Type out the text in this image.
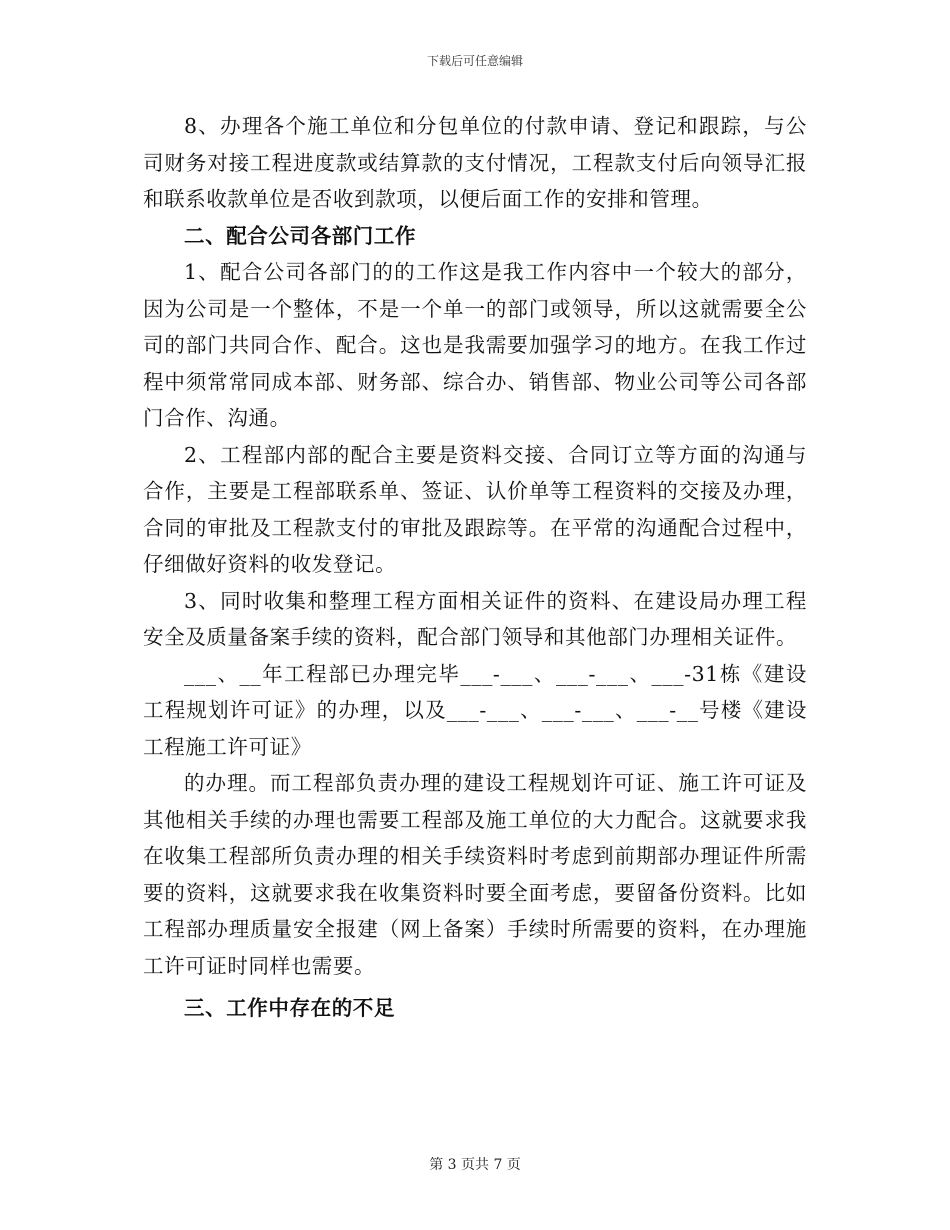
下载后可任意编辑

8、办理各个施工单位和分包单位的付款申请、登记和跟踪，与公司财务对接工程进度款或结算款的支付情况，工程款支付后向领导汇报和联系收款单位是否收到款项，以便后面工作的安排和管理。

二、配合公司各部门工作

1、配合公司各部门的的工作这是我工作内容中一个较大的部分，因为公司是一个整体，不是一个单一的部门或领导，所以这就需要全公司的部门共同合作、配合。这也是我需要加强学习的地方。在我工作过程中须常常同成本部、财务部、综合办、销售部、物业公司等公司各部门合作、沟通。

2、工程部内部的配合主要是资料交接、合同订立等方面的沟通与合作，主要是工程部联系单、签证、认价单等工程资料的交接及办理，合同的审批及工程款支付的审批及跟踪等。在平常的沟通配合过程中，仔细做好资料的收发登记。

3、同时收集和整理工程方面相关证件的资料、在建设局办理工程安全及质量备案手续的资料，配合部门领导和其他部门办理相关证件。

___、__年工程部已办理完毕___-___、___-___、___-31栋《建设工程规划许可证》的办理，以及___-___、___-___、___-__号楼《建设工程施工许可证》

的办理。而工程部负责办理的建设工程规划许可证、施工许可证及其他相关手续的办理也需要工程部及施工单位的大力配合。这就要求我在收集工程部所负责办理的相关手续资料时考虑到前期部办理证件所需要的资料，这就要求我在收集资料时要全面考虑，要留备份资料。比如工程部办理质量安全报建（网上备案）手续时所需要的资料，在办理施工许可证时同样也需要。

三、工作中存在的不足

第 3 页共 7 页
